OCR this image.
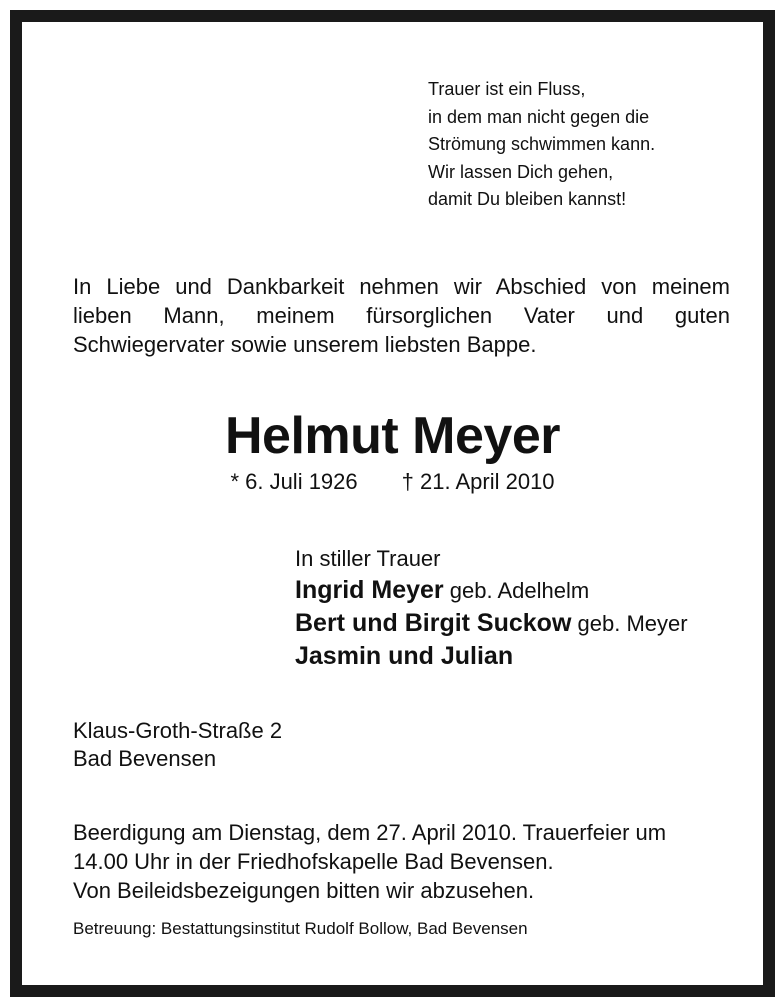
Trauer ist ein Fluss,
in dem man nicht gegen die
Strömung schwimmen kann.
Wir lassen Dich gehen,
damit Du bleiben kannst!
In Liebe und Dankbarkeit nehmen wir Abschied von meinem
lieben Mann, meinem fürsorglichen Vater und guten
Schwiegervater sowie unserem liebsten Bappe.
Helmut Meyer
* 6. Juli 1926 † 21. April 2010
In stiller Trauer
Ingrid Meyer geb. Adelhelm
Bert und Birgit Suckow geb. Meyer
Jasmin und Julian
Klaus-Groth-Straße 2
Bad Bevensen
Beerdigung am Dienstag, dem 27. April 2010. Trauerfeier um
14.00 Uhr in der Friedhofskapelle Bad Bevensen.
Von Beileidsbezeigungen bitten wir abzusehen.
Betreuung: Bestattungsinstitut Rudolf Bollow, Bad Bevensen
